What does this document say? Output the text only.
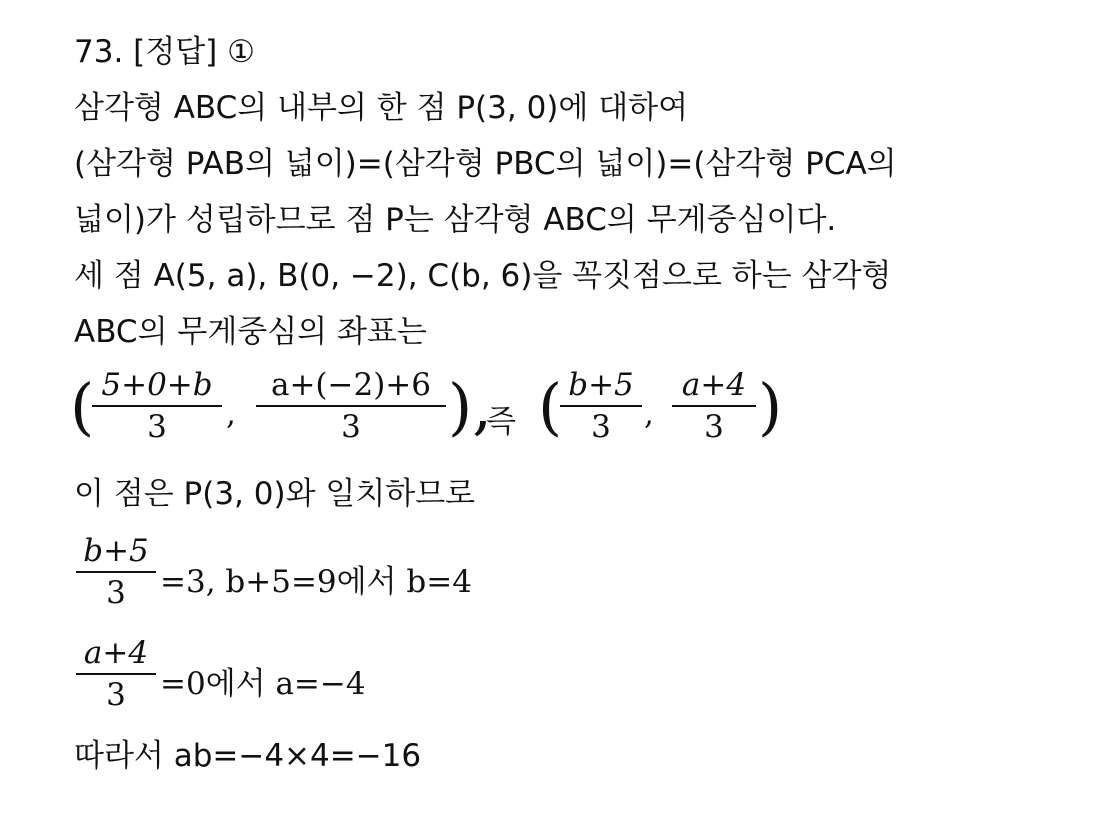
73. [정답] ①
삼각형 ABC의 내부의 한 점 P(3, 0)에 대하여
(삼각형 PAB의 넓이)=(삼각형 PBC의 넓이)=(삼각형 PCA의
넓이)가 성립하므로 점 P는 삼각형 ABC의 무게중심이다.
세 점 A(5, a), B(0, −2), C(b, 6)을 꼭짓점으로 하는 삼각형
ABC의 무게중심의 좌표는
( 5+0+b
3	,
a+(−2)+6
3	),
즉 ( b+5
3	,
a+4
3 )
이 점은 P(3, 0)와 일치하므로
b+5
3	=3, b+5=9에서 b=4
a+4
3	=0에서 a=−4
따라서 ab=−4×4=−16
